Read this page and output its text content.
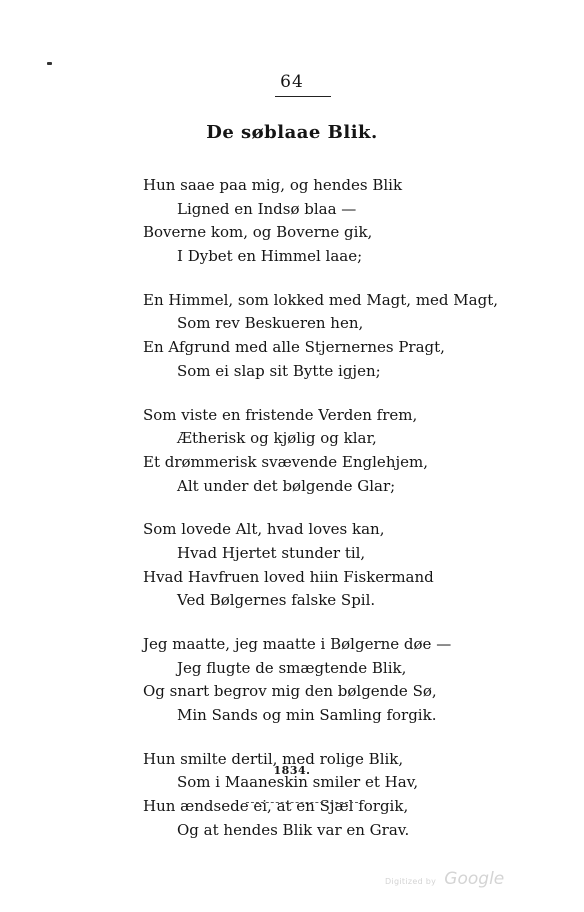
64
De søblaae Blik.
Hun saae paa mig, og hendes Blik
Ligned en Indsø blaa —
Boverne kom, og Boverne gik,
I Dybet en Himmel laae;
En Himmel, som lokked med Magt, med Magt,
Som rev Beskueren hen,
En Afgrund med alle Stjernernes Pragt,
Som ei slap sit Bytte igjen;
Som viste en fristende Verden frem,
Ætherisk og kjølig og klar,
Et drømmerisk svævende Englehjem,
Alt under det bølgende Glar;
Som lovede Alt, hvad loves kan,
Hvad Hjertet stunder til,
Hvad Havfruen loved hiin Fiskermand
Ved Bølgernes falske Spil.
Jeg maatte, jeg maatte i Bølgerne døe —
Jeg flugte de smægtende Blik,
Og snart begrov mig den bølgende Sø,
Min Sands og min Samling forgik.
Hun smilte dertil, med rolige Blik,
Som i Maaneskin smiler et Hav,
Hun ændsede ei, at en Sjæl forgik,
Og at hendes Blik var en Grav.
1834.
Digitized by Google
